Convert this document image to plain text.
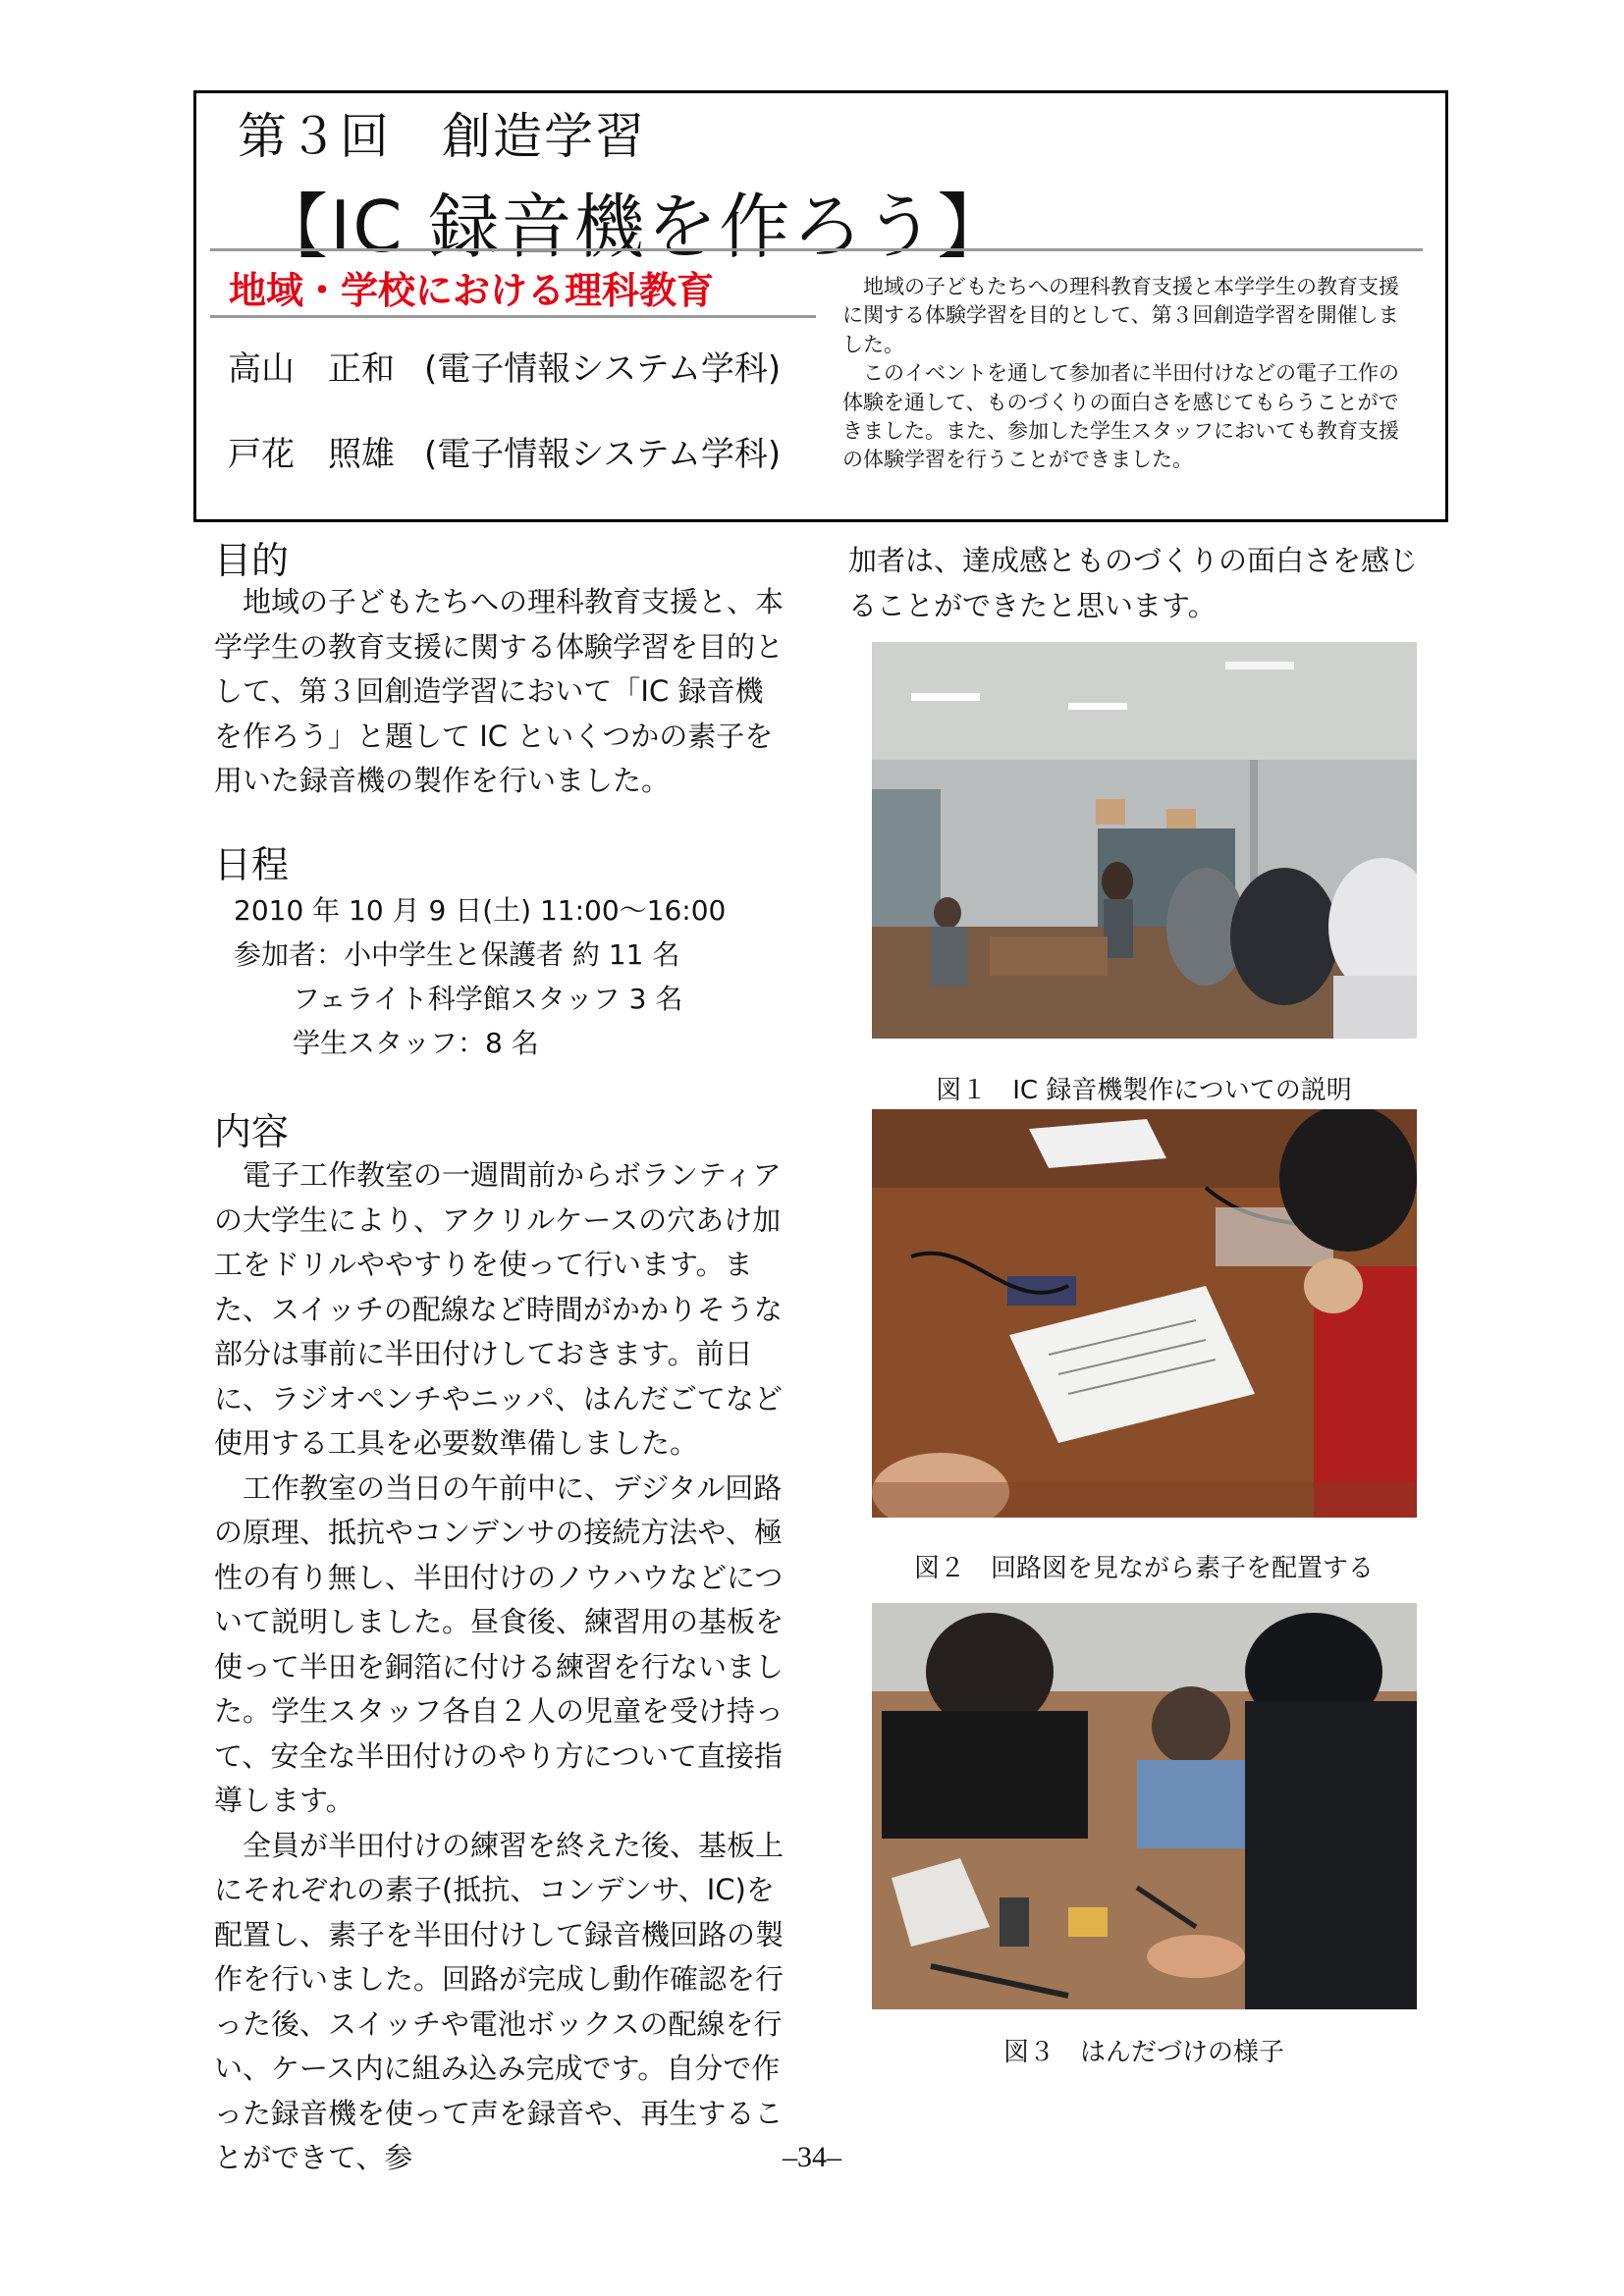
第３回　創造学習
【IC 録音機を作ろう】
地域・学校における理科教育
高山　正和 (電子情報システム学科)
戸花　照雄 (電子情報システム学科)

地域の子どもたちへの理科教育支援と本学学生の教育支援に関する体験学習を目的として、第３回創造学習を開催しました。

このイベントを通して参加者に半田付けなどの電子工作の体験を通して、ものづくりの面白さを感じてもらうことができました。また、参加した学生スタッフにおいても教育支援の体験学習を行うことができました。

目的

地域の子どもたちへの理科教育支援と、本学学生の教育支援に関する体験学習を目的として、第３回創造学習において「IC 録音機を作ろう」と題して IC といくつかの素子を用いた録音機の製作を行いました。

日程
2010 年 10 月 9 日(土) 11:00～16:00
参加者：小中学生と保護者 約 11 名
フェライト科学館スタッフ 3 名
学生スタッフ：8 名
内容

電子工作教室の一週間前からボランティアの大学生により、アクリルケースの穴あけ加工をドリルややすりを使って行います。また、スイッチの配線など時間がかかりそうな部分は事前に半田付けしておきます。前日に、ラジオペンチやニッパ、はんだごてなど使用する工具を必要数準備しました。

工作教室の当日の午前中に、デジタル回路の原理、抵抗やコンデンサの接続方法や、極性の有り無し、半田付けのノウハウなどについて説明しました。昼食後、練習用の基板を使って半田を銅箔に付ける練習を行ないました。学生スタッフ各自２人の児童を受け持って、安全な半田付けのやり方について直接指導します。

全員が半田付けの練習を終えた後、基板上にそれぞれの素子(抵抗、コンデンサ、IC)を配置し、素子を半田付けして録音機回路の製作を行いました。回路が完成し動作確認を行った後、スイッチや電池ボックスの配線を行い、ケース内に組み込み完成です。自分で作った録音機を使って声を録音や、再生することができて、参

加者は、達成感とものづくりの面白さを感じることができたと思います。

図１　IC 録音機製作についての説明

図２　回路図を見ながら素子を配置する

図３　はんだづけの様子

–34–
